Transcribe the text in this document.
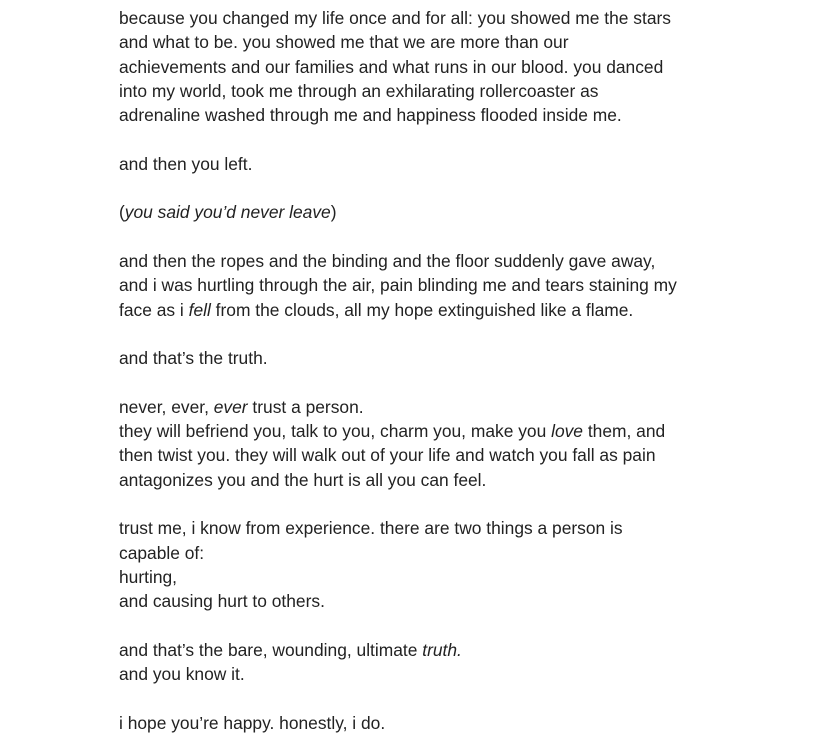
because you changed my life once and for all: you showed me the stars
and what to be. you showed me that we are more than our
achievements and our families and what runs in our blood. you danced
into my world, took me through an exhilarating rollercoaster as
adrenaline washed through me and happiness flooded inside me.

and then you left.

(you said you’d never leave)

and then the ropes and the binding and the floor suddenly gave away,
and i was hurtling through the air, pain blinding me and tears staining my
face as i fell from the clouds, all my hope extinguished like a flame.

and that’s the truth.

never, ever, ever trust a person.
they will befriend you, talk to you, charm you, make you love them, and
then twist you. they will walk out of your life and watch you fall as pain
antagonizes you and the hurt is all you can feel.

trust me, i know from experience. there are two things a person is
capable of:
hurting,
and causing hurt to others.

and that’s the bare, wounding, ultimate truth.
and you know it.

i hope you’re happy. honestly, i do.
